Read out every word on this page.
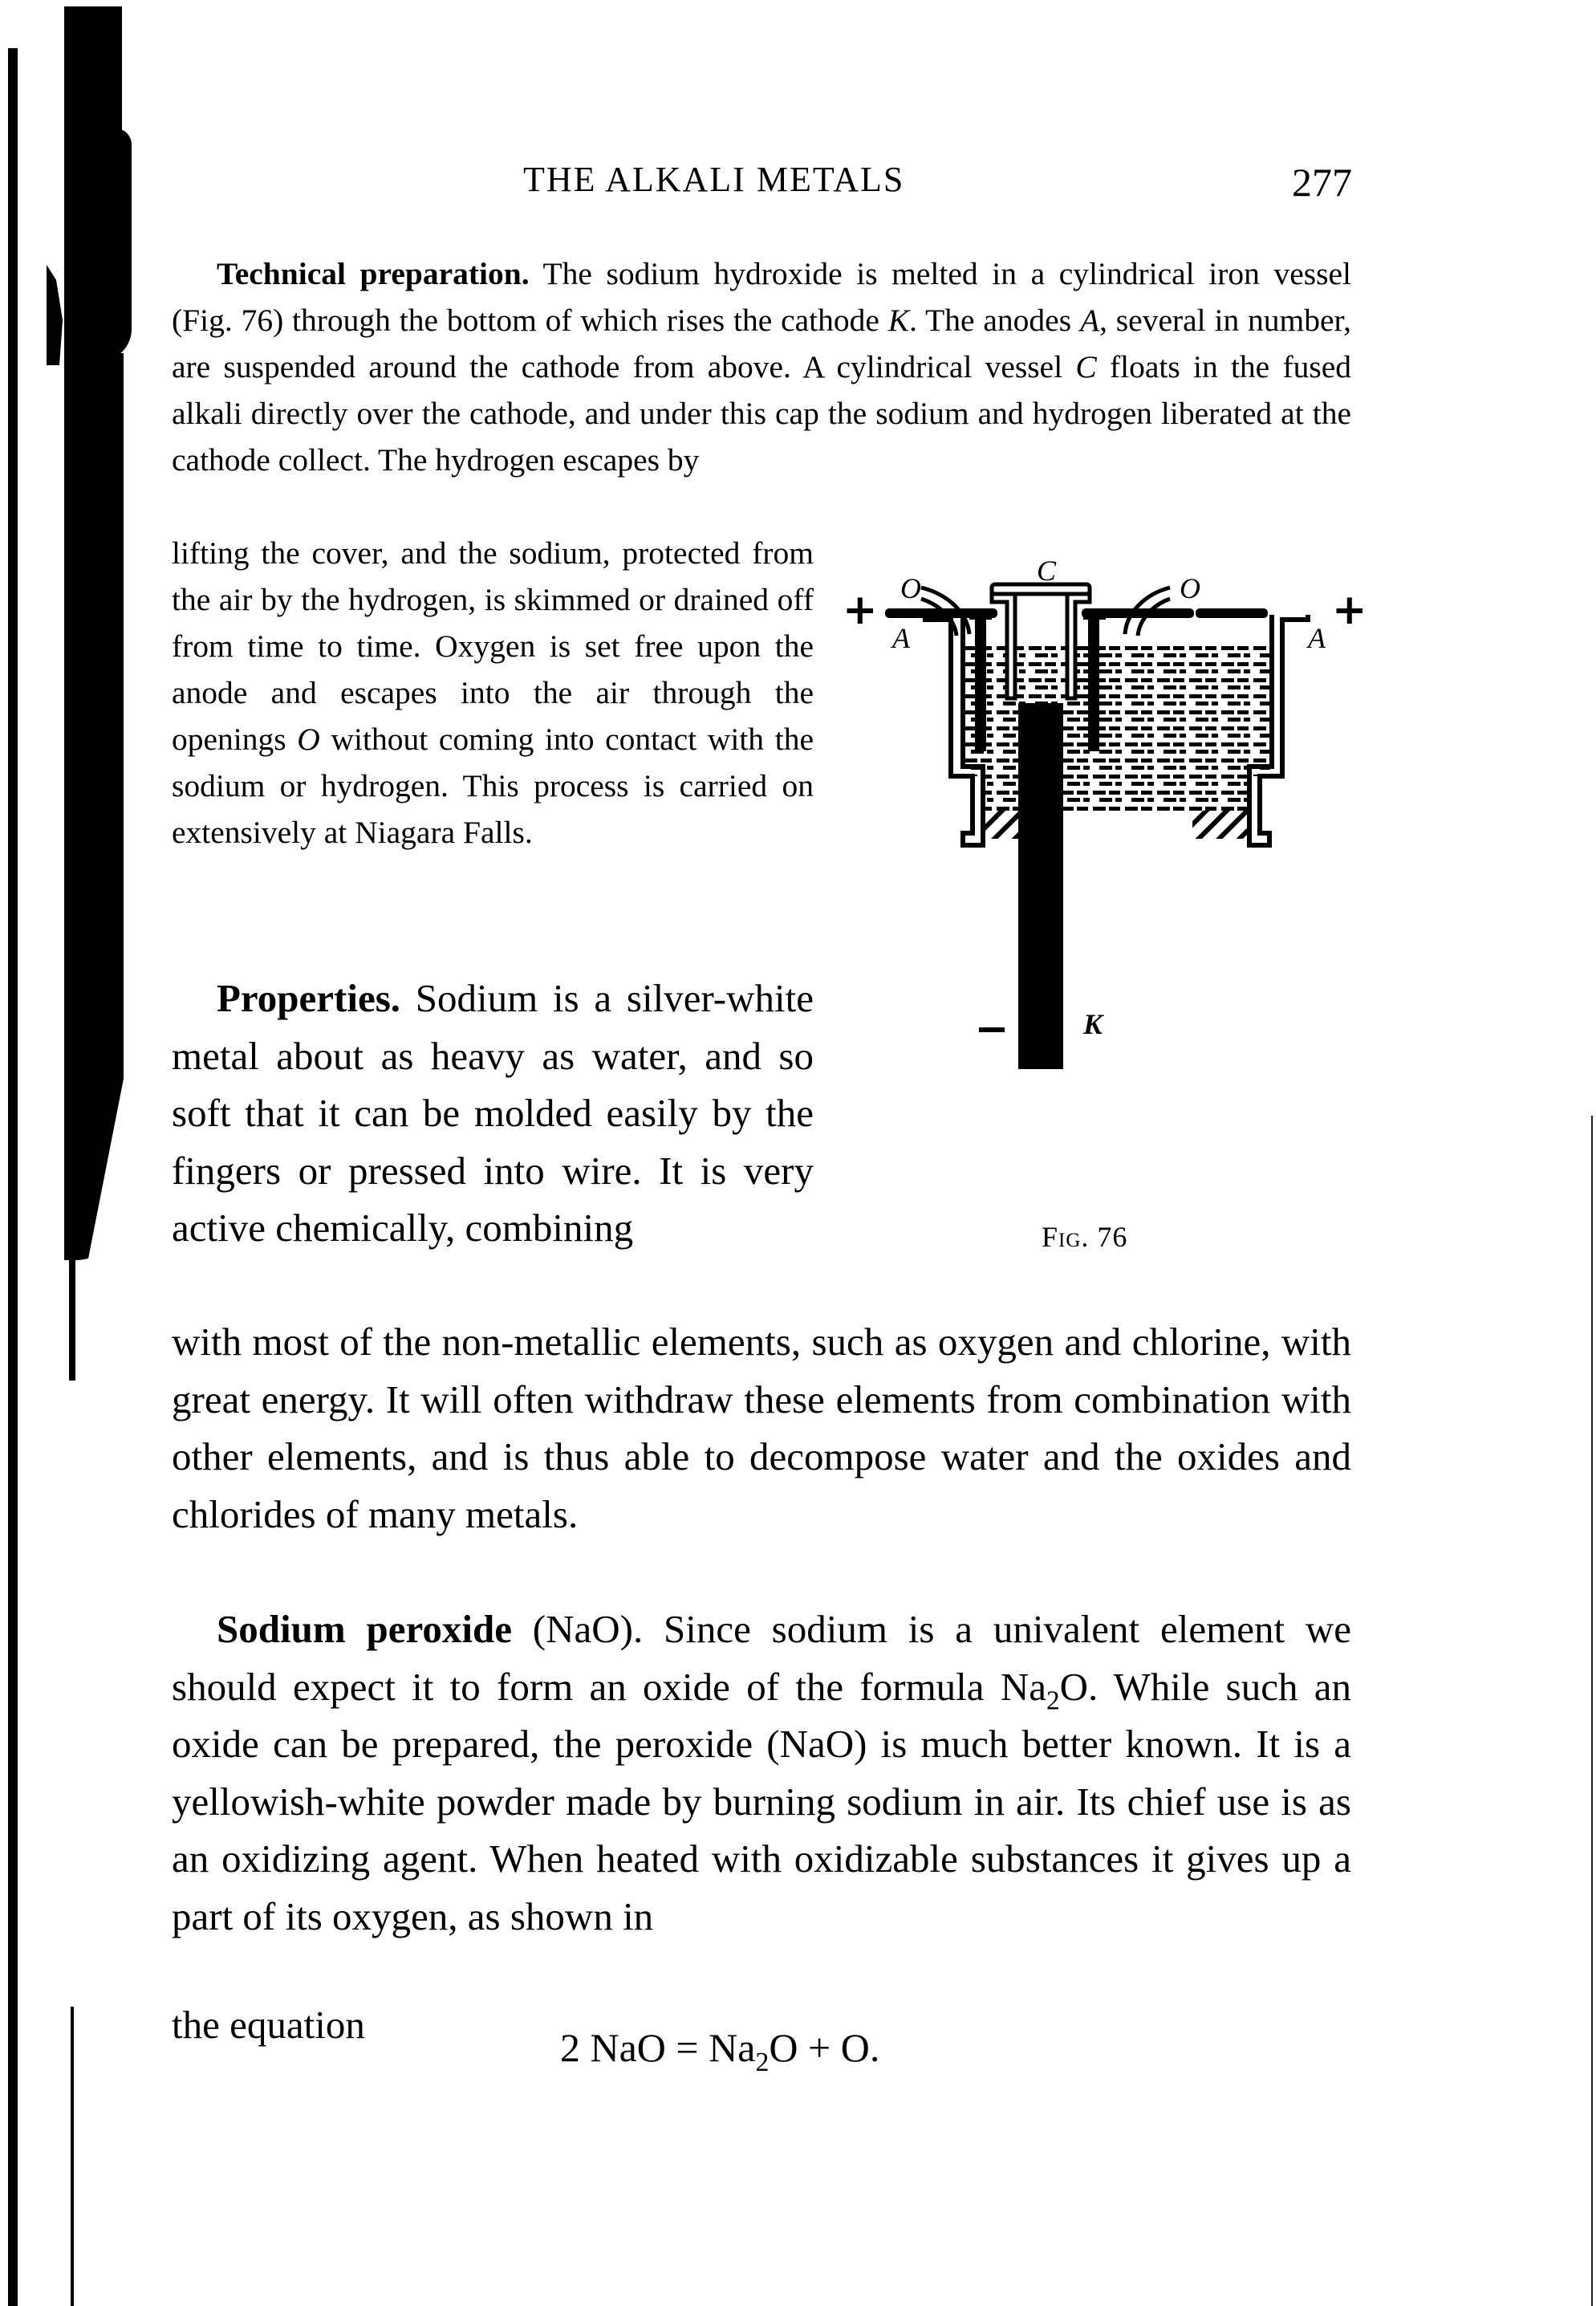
THE ALKALI METALS	277

Technical preparation. The sodium hydroxide is melted in a cylindrical iron vessel (Fig. 76) through the bottom of which rises the cathode K. The anodes A, several in number, are suspended around the cathode from above. A cylindrical vessel C floats in the fused alkali directly over the cathode, and under this cap the sodium and hydrogen liberated at the cathode collect. The hydrogen escapes by

lifting the cover, and the sodium, protected from the air by the hydrogen, is skimmed or drained off from time to time. Oxygen is set free upon the anode and escapes into the air through the openings O without coming into contact with the sodium or hydrogen. This process is carried on extensively at Niagara Falls.

Properties. Sodium is a silver-white metal about as heavy as water, and so soft that it can be molded easily by the fingers or pressed into wire. It is very active chemically, combining

with most of the non-metallic elements, such as oxygen and chlorine, with great energy. It will often withdraw these elements from combination with other elements, and is thus able to decompose water and the oxides and chlorides of many metals.

Sodium peroxide (NaO). Since sodium is a univalent element we should expect it to form an oxide of the formula $Na_2O$. While such an oxide can be prepared, the peroxide (NaO) is much better known. It is a yellowish-white powder made by burning sodium in air. Its chief use is as an oxidizing agent. When heated with oxidizable substances it gives up a part of its oxygen, as shown in

the equation
2 NaO = $Na_2O + O$.
O	O
C
A	A
K
+	+
Fig. 76
